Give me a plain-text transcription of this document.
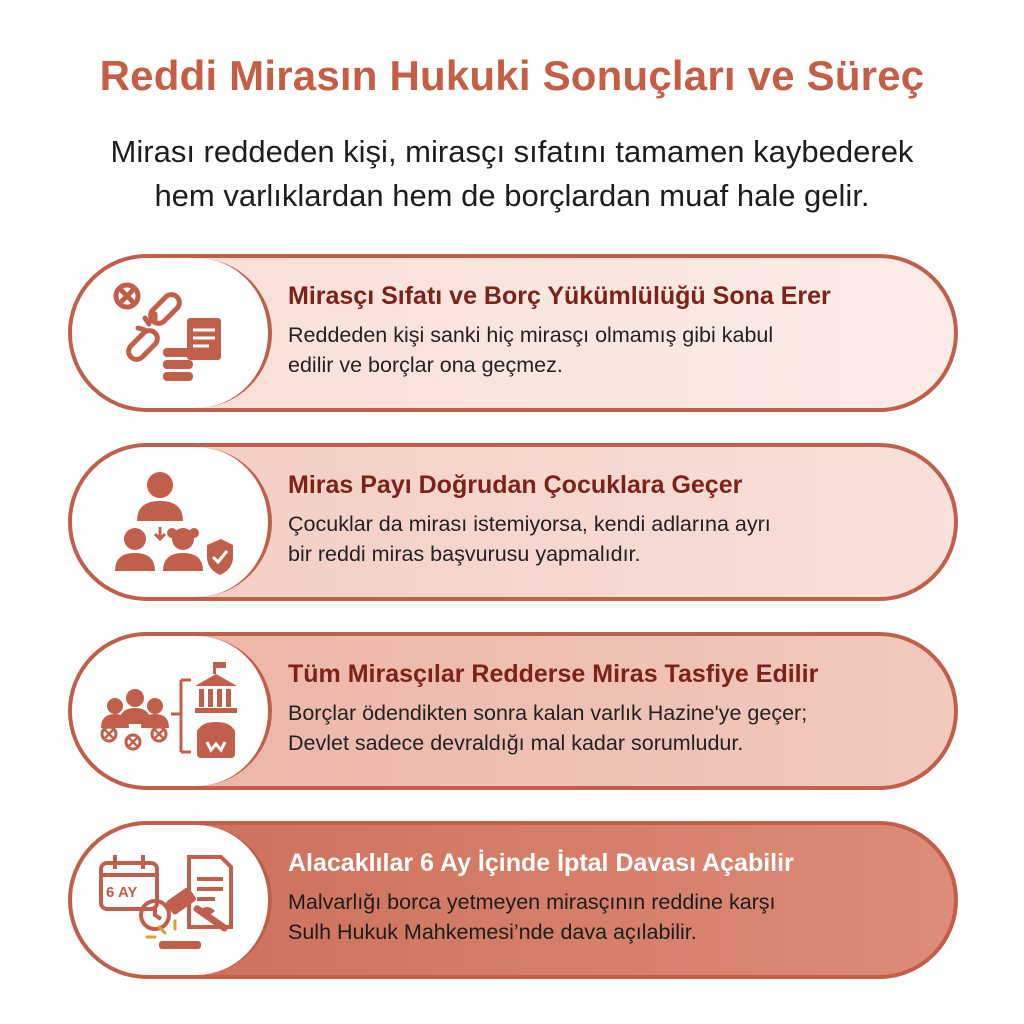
Reddi Mirasın Hukuki Sonuçları ve Süreç
Mirası reddeden kişi, mirasçı sıfatını tamamen kaybederek
hem varlıklardan hem de borçlardan muaf hale gelir.
Mirasçı Sıfatı ve Borç Yükümlülüğü Sona Erer

Reddeden kişi sanki hiç mirasçı olmamış gibi kabul
edilir ve borçlar ona geçmez.

Miras Payı Doğrudan Çocuklara Geçer

Çocuklar da mirası istemiyorsa, kendi adlarına ayrı
bir reddi miras başvurusu yapmalıdır.

Tüm Mirasçılar Redderse Miras Tasfiye Edilir

Borçlar ödendikten sonra kalan varlık Hazine'ye geçer;
Devlet sadece devraldığı mal kadar sorumludur.

6 AY
Alacaklılar 6 Ay İçinde İptal Davası Açabilir

Malvarlığı borca yetmeyen mirasçının reddine karşı
Sulh Hukuk Mahkemesi’nde dava açılabilir.
